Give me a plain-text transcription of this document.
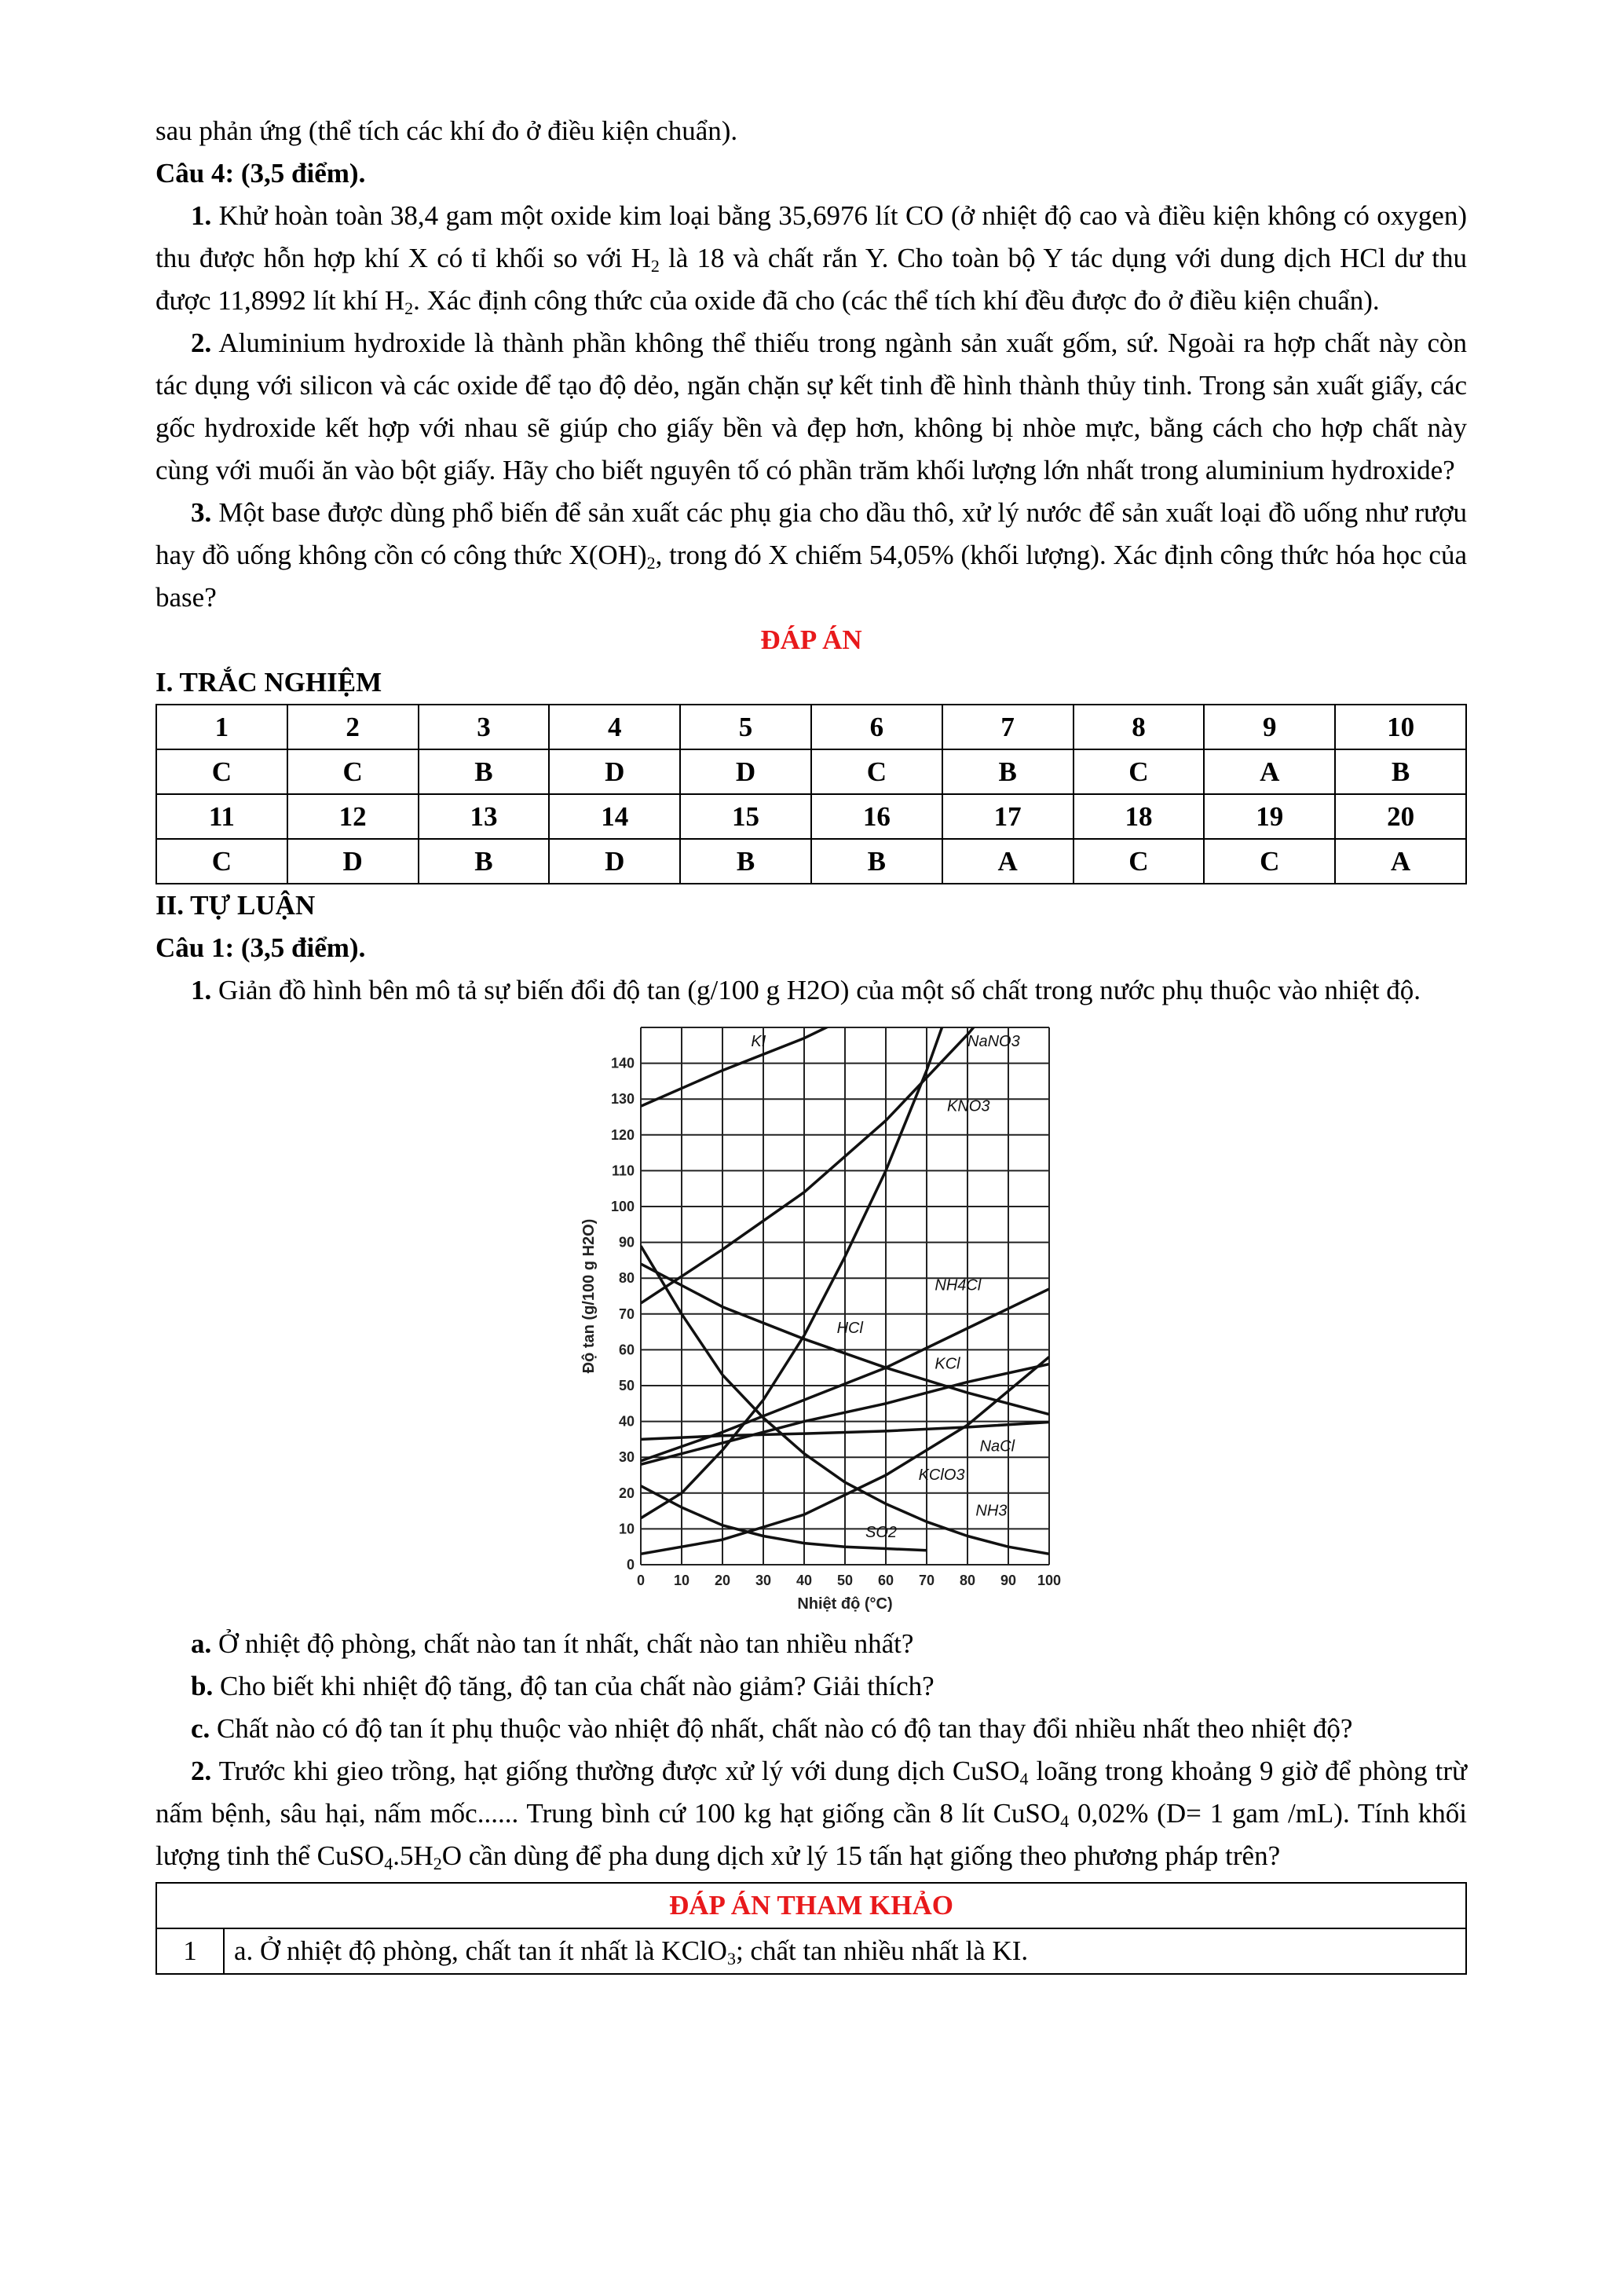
sau phản ứng (thể tích các khí đo ở điều kiện chuẩn).

Câu 4: (3,5 điểm).

1. Khử hoàn toàn 38,4 gam một oxide kim loại bằng 35,6976 lít CO (ở nhiệt độ cao và điều kiện không có oxygen) thu được hỗn hợp khí X có tỉ khối so với $H_2$ là 18 và chất rắn Y. Cho toàn bộ Y tác dụng với dung dịch HCl dư thu được 11,8992 lít khí $H_2$. Xác định công thức của oxide đã cho (các thể tích khí đều được đo ở điều kiện chuẩn).

2. Aluminium hydroxide là thành phần không thể thiếu trong ngành sản xuất gốm, sứ. Ngoài ra hợp chất này còn tác dụng với silicon và các oxide để tạo độ dẻo, ngăn chặn sự kết tinh đề hình thành thủy tinh. Trong sản xuất giấy, các gốc hydroxide kết hợp với nhau sẽ giúp cho giấy bền và đẹp hơn, không bị nhòe mực, bằng cách cho hợp chất này cùng với muối ăn vào bột giấy. Hãy cho biết nguyên tố có phần trăm khối lượng lớn nhất trong aluminium hydroxide?

3. Một base được dùng phổ biến để sản xuất các phụ gia cho dầu thô, xử lý nước để sản xuất loại đồ uống như rượu hay đồ uống không cồn có công thức $X(OH)_2$, trong đó X chiếm 54,05% (khối lượng). Xác định công thức hóa học của base?

ĐÁP ÁN

I. TRẮC NGHIỆM

1	2	3	4	5	6	7	8	9	10
C	C	B	D	D	C	B	C	A	B
11	12	13	14	15	16	17	18	19	20
C	D	B	D	B	B	A	C	C	A

II. TỰ LUẬN

Câu 1: (3,5 điểm).

1. Giản đồ hình bên mô tả sự biến đổi độ tan (g/100 g H2O) của một số chất trong nước phụ thuộc vào nhiệt độ.

0
10
20
30
40
50
60
70
80
90
100
110
120
130
140
0 10 20 30 40 50 60 70 80 90 100
Nhiệt độ (°C)
Độ tan (g/100 g H2O)
KI	NaNO3
KNO3
NH4Cl
HCl
KCl
NaCl
KClO3
NH3
SO2

a. Ở nhiệt độ phòng, chất nào tan ít nhất, chất nào tan nhiều nhất?

b. Cho biết khi nhiệt độ tăng, độ tan của chất nào giảm? Giải thích?

c. Chất nào có độ tan ít phụ thuộc vào nhiệt độ nhất, chất nào có độ tan thay đổi nhiều nhất theo nhiệt độ?

2. Trước khi gieo trồng, hạt giống thường được xử lý với dung dịch CuSO$_4$ loãng trong khoảng 9 giờ để phòng trừ nấm bệnh, sâu hại, nấm mốc...... Trung bình cứ 100 kg hạt giống cần 8 lít CuSO$_4$ 0,02% (D= 1 gam /mL). Tính khối lượng tinh thể $CuSO_4.5H_2O$ cần dùng để pha dung dịch xử lý 15 tấn hạt giống theo phương pháp trên?

ĐÁP ÁN THAM KHẢO
1	a. Ở nhiệt độ phòng, chất tan ít nhất là KClO$_3$; chất tan nhiều nhất là KI.
